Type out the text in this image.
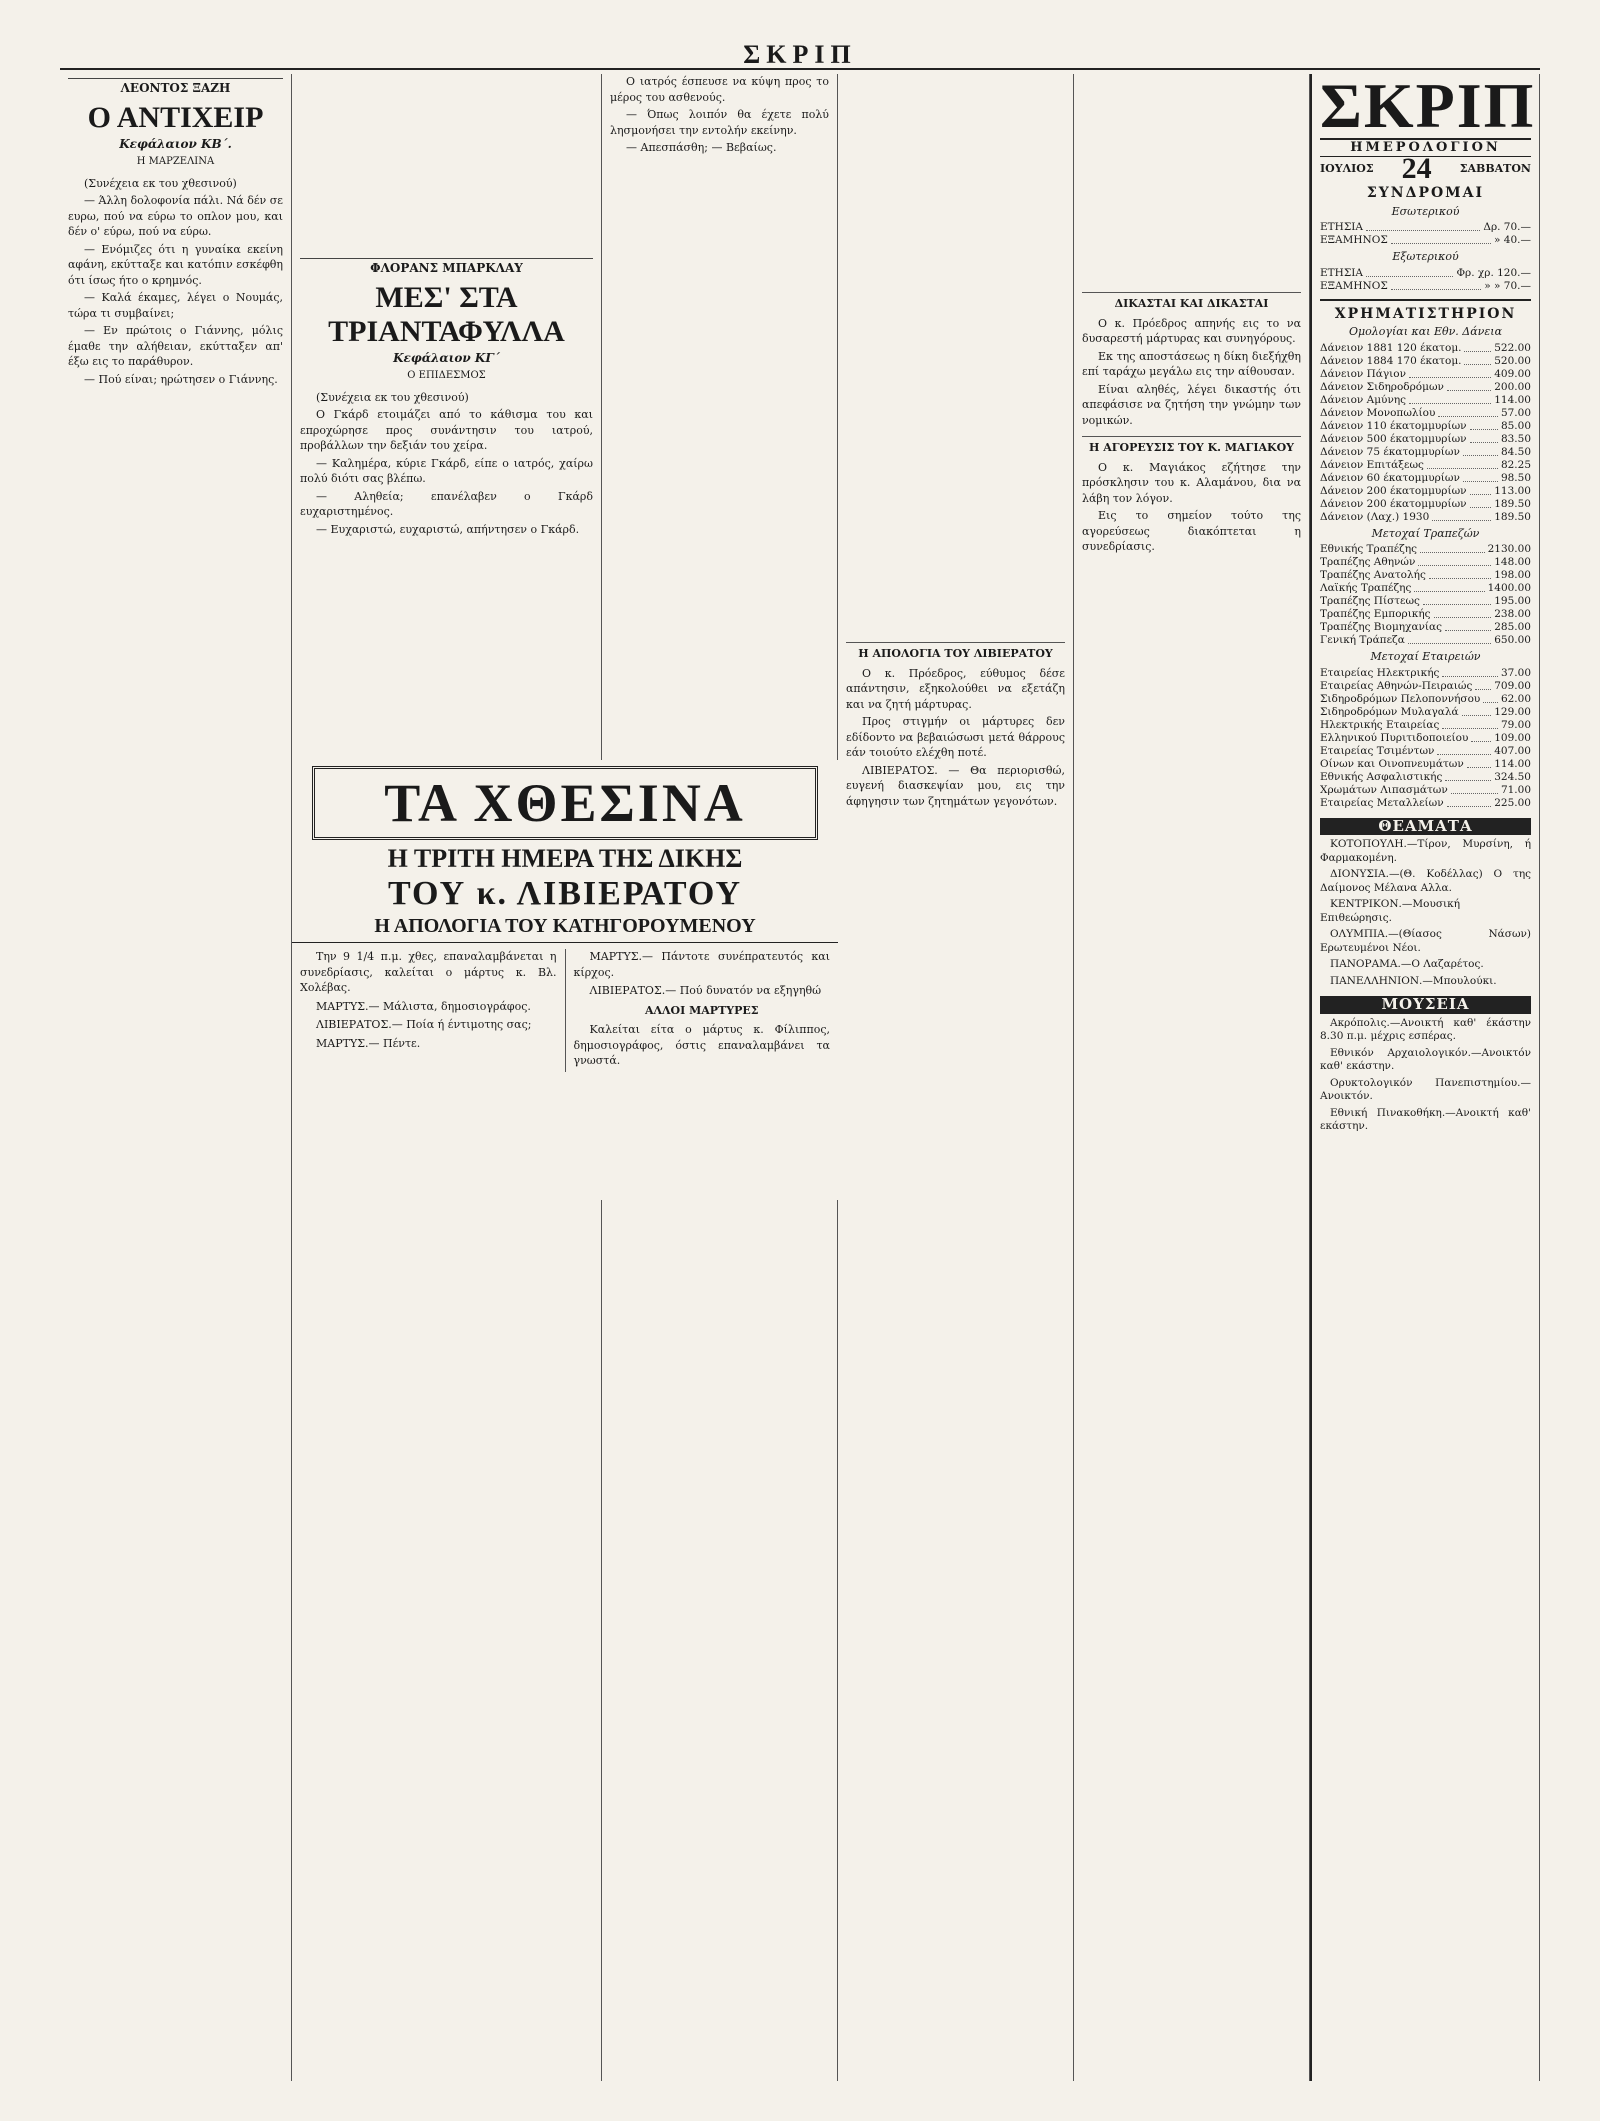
ΣΚΡΙΠ
ΛΕΟΝΤΟΣ ΞΑΖΗ
Ο ΑΝΤΙΧΕΙΡ
Κεφάλαιον ΚΒ΄.
Η ΜΑΡΖΕΛΙΝΑ

(Συνέχεια εκ του χθεσινού)

— Άλλη δολοφονία πάλι. Νά δέν σε ευρω, πού να εύρω το οπλον μου, και δέν ο' εύρω, πού να εύρω.

— Ενόμιζες ότι η γυναίκα εκείνη αφάνη, εκύτταξε και κατόπιν εσκέφθη ότι ίσως ήτο ο κρημνός.

— Καλά έκαμες, λέγει ο Νουμάς, τώρα τι συμβαίνει;

— Εν πρώτοις ο Γιάννης, μόλις έμαθε την αλήθειαν, εκύτταξεν απ' έξω εις το παράθυρον.

— Πού είναι; ηρώτησεν ο Γιάννης.

ΦΛΟΡΑΝΣ ΜΠΑΡΚΛΑΥ
ΜΕΣ' ΣΤΑ ΤΡΙΑΝΤΑΦΥΛΛΑ
Κεφάλαιον ΚΓ΄
Ο ΕΠΙΔΕΣΜΟΣ

(Συνέχεια εκ του χθεσινού)

Ο Γκάρδ ετοιμάζει από το κάθισμα του και επροχώρησε προς συνάντησιν του ιατρού, προβάλλων την δεξιάν του χείρα.

— Καλημέρα, κύριε Γκάρδ, είπε ο ιατρός, χαίρω πολύ διότι σας βλέπω.

— Αληθεία; επανέλαβεν ο Γκάρδ ευχαριστημένος.

— Ευχαριστώ, ευχαριστώ, απήντησεν ο Γκάρδ.

Ο ιατρός έσπευσε να κύψη προς το μέρος του ασθενούς.

— Όπως λοιπόν θα έχετε πολύ λησμονήσει την εντολήν εκείνην.

— Απεσπάσθη; — Βεβαίως.

Η ΑΠΟΛΟΓΙΑ ΤΟΥ ΛΙΒΙΕΡΑΤΟΥ

Ο κ. Πρόεδρος, εύθυμος δέσε απάντησιν, εξηκολούθει να εξετάζη και να ζητή μάρτυρας.

Προς στιγμήν οι μάρτυρες δεν εδίδοντο να βεβαιώσωσι μετά θάρρους εάν τοιούτο ελέχθη ποτέ.

ΛΙΒΙΕΡΑΤΟΣ. — Θα περιορισθώ, ευγενή διασκεψίαν μου, εις την άφηγησιν των ζητημάτων γεγονότων.

ΔΙΚΑΣΤΑΙ ΚΑΙ ΔΙΚΑΣΤΑΙ

Ο κ. Πρόεδρος απηνής εις το να δυσαρεστή μάρτυρας και συνηγόρους.

Εκ της αποστάσεως η δίκη διεξήχθη επί ταράχω μεγάλω εις την αίθουσαν.

Είναι αληθές, λέγει δικαστής ότι απεφάσισε να ζητήση την γνώμην των νομικών.

Η ΑΓΟΡΕΥΣΙΣ ΤΟΥ Κ. ΜΑΓΙΑΚΟΥ

Ο κ. Μαγιάκος εζήτησε την πρόσκλησιν του κ. Αλαμάνου, δια να λάβη τον λόγον.

Εις το σημείον τούτο της αγορεύσεως διακόπτεται η συνεδρίασις.

ΣΚΡΙΠ
ΗΜΕΡΟΛΟΓΙΟΝ
ΙΟΥΛΙΟΣ 24	ΣΑΒΒΑΤΟΝ
ΣΥΝΔΡΟΜΑΙ
Εσωτερικού
ΕΤΗΣΙΑ	Δρ. 70.—
ΕΞΑΜΗΝΟΣ	» 40.—
Εξωτερικού
ΕΤΗΣΙΑ	Φρ. χρ. 120.—
ΕΞΑΜΗΝΟΣ	» » 70.—
ΧΡΗΜΑΤΙΣΤΗΡΙΟΝ
Ομολογίαι και Εθν. Δάνεια
Δάνειον 1881 120 έκατομ.	522.00
Δάνειον 1884 170 έκατομ.	520.00
Δάνειον Πάγιον	409.00
Δάνειον Σιδηροδρόμων	200.00
Δάνειον Αμύνης	114.00
Δάνειον Μονοπωλίου	57.00
Δάνειον 110 έκατομμυρίων	85.00
Δάνειον 500 έκατομμυρίων	83.50
Δάνειον 75 έκατομμυρίων	84.50
Δάνειον Επιτάξεως	82.25
Δάνειον 60 έκατομμυρίων	98.50
Δάνειον 200 έκατομμυρίων	113.00
Δάνειον 200 έκατομμυρίων	189.50
Δάνειον (Λαχ.) 1930	189.50
Μετοχαί Τραπεζών
Εθνικής Τραπέζης	2130.00
Τραπέζης Αθηνών	148.00
Τραπέζης Ανατολής	198.00
Λαϊκής Τραπέζης	1400.00
Τραπέζης Πίστεως	195.00
Τραπέζης Εμπορικής	238.00
Τραπέζης Βιομηχανίας	285.00
Γενική Τράπεζα	650.00
Μετοχαί Εταιρειών
Εταιρείας Ηλεκτρικής	37.00
Εταιρείας Αθηνών-Πειραιώς 709.00
Σιδηροδρόμων Πελοποννήσου 62.00
Σιδηροδρόμων Μυλαγαλά	129.00
Ηλεκτρικής Εταιρείας	79.00
Ελληνικού Πυριτιδοποιείου 109.00
Εταιρείας Τσιμέντων	407.00
Οίνων και Οινοπνευμάτων	114.00
Εθνικής Ασφαλιστικής	324.50
Χρωμάτων Λιπασμάτων	71.00
Εταιρείας Μεταλλείων	225.00
ΘΕΑΜΑΤΑ
ΚΟΤΟΠΟΥΛΗ.—Τίρον, Μυρσίνη, ή Φαρμακομένη.
ΔΙΟΝΥΣΙΑ.—(Θ. Κοδέλλας) Ο της Δαίμονος Μέλανα Αλλα.
ΚΕΝΤΡΙΚΟΝ.—Μουσική Επιθεώρησις.
ΟΛΥΜΠΙΑ.—(Θίασος Νάσων) Ερωτευμένοι Νέοι.
ΠΑΝΟΡΑΜΑ.—Ο Λαζαρέτος.
ΠΑΝΕΛΛΗΝΙΟΝ.—Μπουλούκι.
ΜΟΥΣΕΙΑ
Ακρόπολις.—Ανοικτή καθ' έκάστην 8.30 π.μ. μέχρις εσπέρας.
Εθνικόν Αρχαιολογικόν.—Ανοικτόν καθ' εκάστην.
Ορυκτολογικόν Πανεπιστημίου.—Ανοικτόν.
Εθνική Πινακοθήκη.—Ανοικτή καθ' εκάστην.
ΤΑ ΧΘΕΣΙΝΑ
Η ΤΡΙΤΗ ΗΜΕΡΑ ΤΗΣ ΔΙΚΗΣ
ΤΟΥ κ. ΛΙΒΙΕΡΑΤΟΥ
Η ΑΠΟΛΟΓΙΑ ΤΟΥ ΚΑΤΗΓΟΡΟΥΜΕΝΟΥ

Την 9 1/4 π.μ. χθες, επαναλαμβάνεται η συνεδρίασις, καλείται ο μάρτυς κ. Βλ. Χολέβας.

ΜΑΡΤΥΣ.— Μάλιστα, δημοσιογράφος.

ΛΙΒΙΕΡΑΤΟΣ.— Ποία ή έντιμοτης σας;

ΜΑΡΤΥΣ.— Πέντε.

ΜΑΡΤΥΣ.— Πάντοτε συνέπρατευτός και κίρχος.

ΛΙΒΙΕΡΑΤΟΣ.— Πού δυνατόν να εξηγηθώ

ΑΛΛΟΙ ΜΑΡΤΥΡΕΣ

Καλείται είτα ο μάρτυς κ. Φίλιππος, δημοσιογράφος, όστις επαναλαμβάνει τα γνωστά.
